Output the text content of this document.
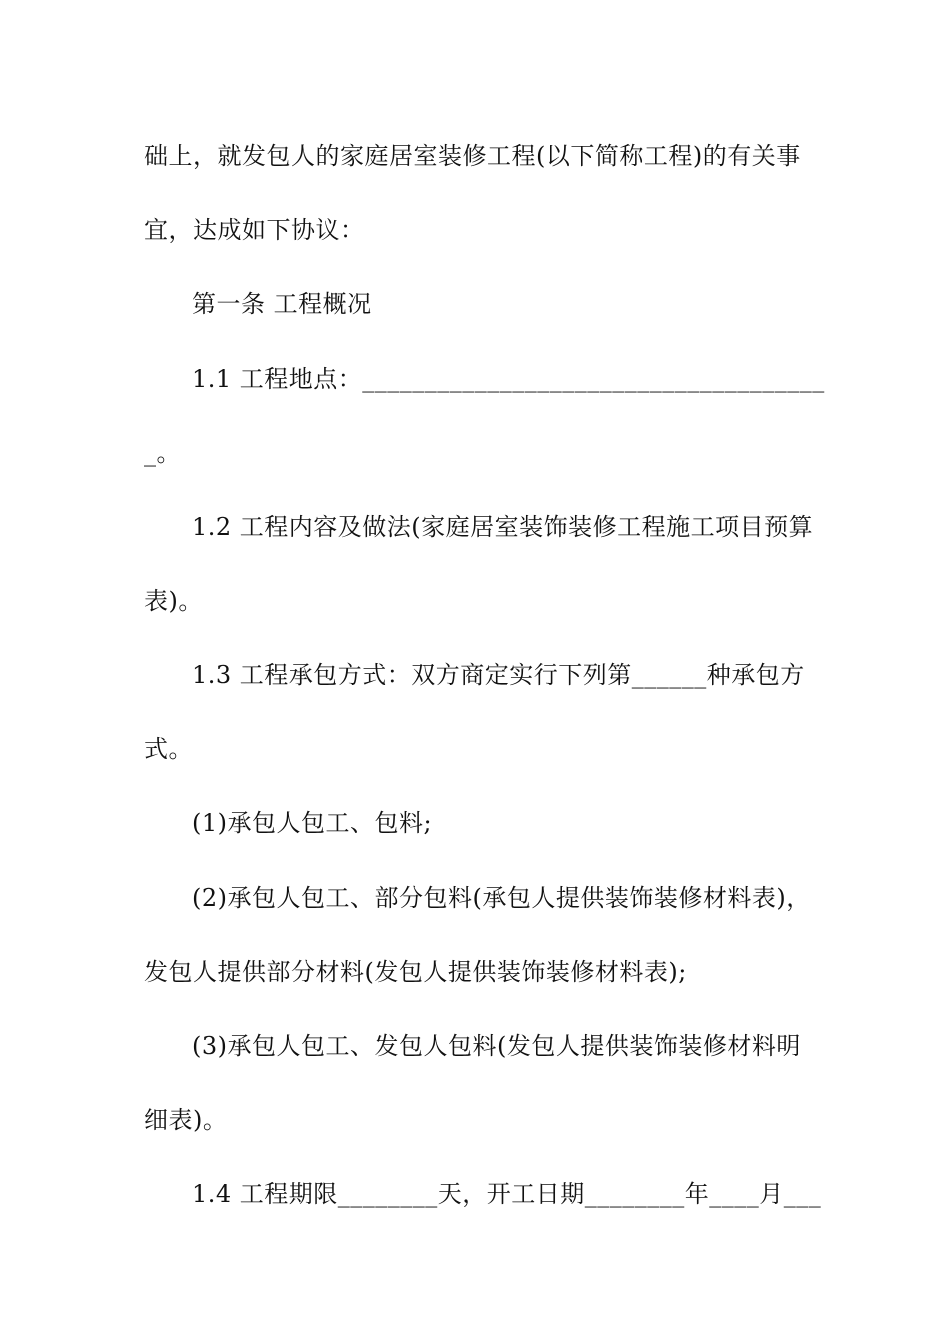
础上，就发包人的家庭居室装修工程(以下简称工程)的有关事
宜，达成如下协议：
第一条 工程概况
1.1 工程地点：_____________________________________
_。
1.2 工程内容及做法(家庭居室装饰装修工程施工项目预算
表)。
1.3 工程承包方式：双方商定实行下列第______种承包方
式。
(1)承包人包工、包料;
(2)承包人包工、部分包料(承包人提供装饰装修材料表)，
发包人提供部分材料(发包人提供装饰装修材料表);
(3)承包人包工、发包人包料(发包人提供装饰装修材料明
细表)。
1.4 工程期限________天，开工日期________年____月___
